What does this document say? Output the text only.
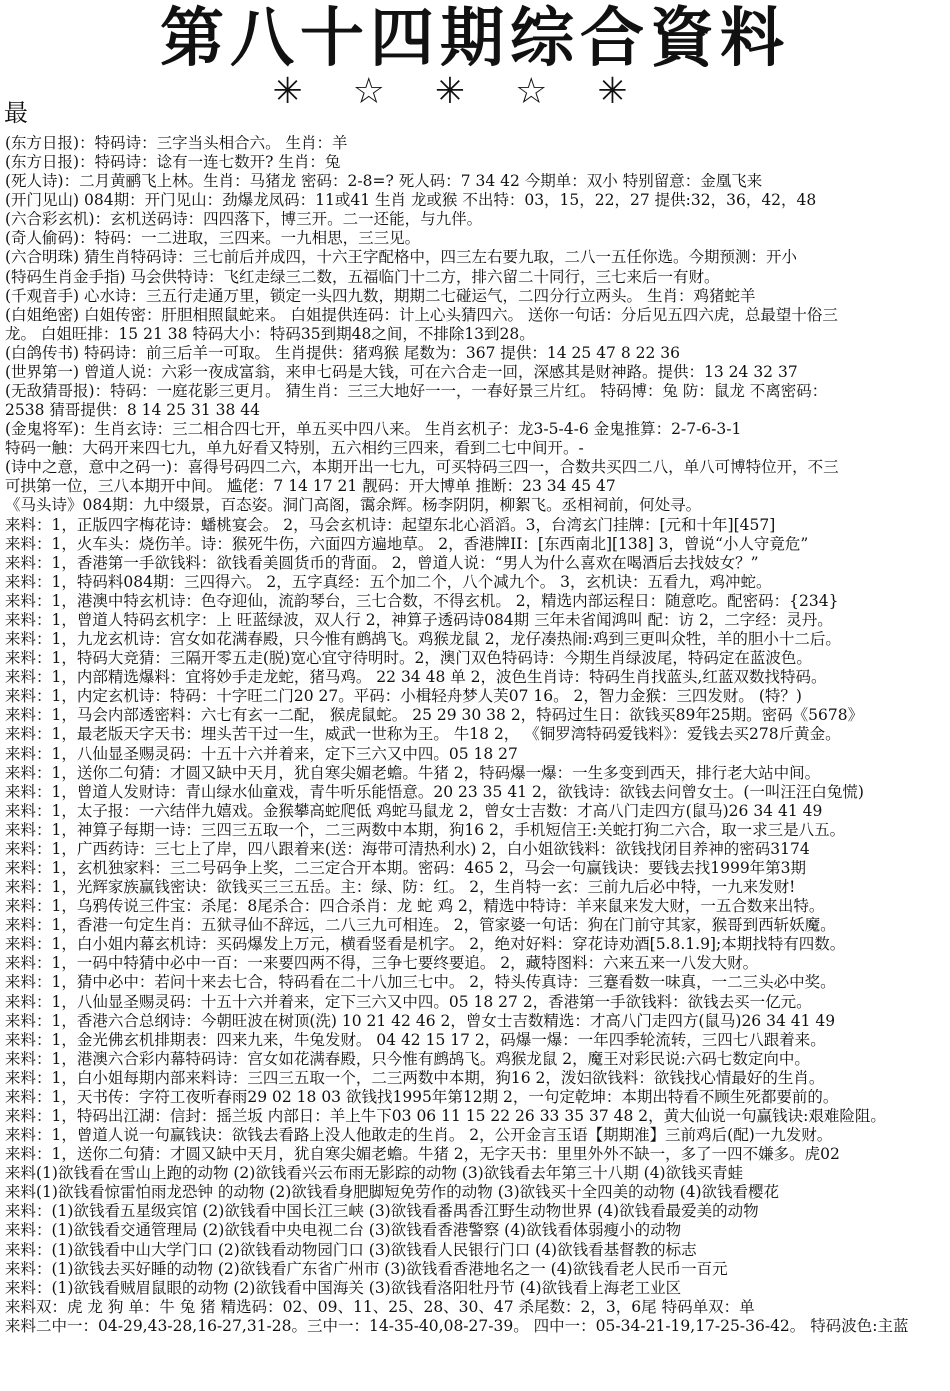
第八十四期综合資料
✳☆✳☆✳
最
(东方日报)：特码诗：三字当头相合六。 生肖：羊
(东方日报)：特码诗：谂有一连七数开? 生肖：兔
(死人诗)：二月黄鹂飞上林。生肖：马猪龙 密码：2-8=? 死人码：7 34 42 今期单：双小 特别留意：金凰飞来
(开门见山) 084期：开门见山：劲爆龙凤码：11或41 生肖 龙或猴 不出特：03，15，22，27 提供:32，36，42，48
(六合彩玄机)：玄机送码诗：四四落下，博三开。二一还能，与九伴。
(奇人偷码)：特码：一二进取，三四来。一九相思，三三见。
(六合明珠) 猜生肖特码诗：三七前后并成四，十六王字配格中，四三左右要九取，二八一五任你选。今期预测：开小
(特码生肖金手指) 马会供特诗：飞红走绿三二数，五福临门十二方，排六留二十同行，三七来后一有财。
(千观音手) 心水诗：三五行走通万里，锁定一头四九数，期期二七碰运气，二四分行立两头。 生肖：鸡猪蛇羊
(白姐绝密) 白姐传密：肝胆相照鼠蛇来。 白姐提供连码：计上心头猜四六。 送你一句话：分后见五四六虎，总最望十俗三
龙。 白姐旺排：15 21 38 特码大小：特码35到期48之间，不排除13到28。
(白鸽传书) 特码诗：前三后羊一可取。 生肖提供：猪鸡猴 尾数为：367 提供：14 25 47 8 22 36
(世界第一) 曾道人说：六彩一夜成富翁，来申七码是大钱，可在六合走一回，深感其是财神路。提供：13 24 32 37
(无敌猜哥报)：特码：一庭花影三更月。 猜生肖：三三大地好一一，一春好景三片红。 特码博：兔 防：鼠龙 不离密码：
2538 猜哥提供：8 14 25 31 38 44
(金鬼将军)：生肖玄诗：三二相合四七开，单五买中四八来。 生肖玄机子：龙3-5-4-6 金鬼推算：2-7-6-3-1
特码一触：大码开来四七九，单九好看又特别，五六相约三四来，看到二七中间开。-
(诗中之意，意中之码一)：喜得号码四二六，本期开出一七九，可买特码三四一，合数共买四二八，单八可博特位开，不三
可拱第一位，三八本期开中间。 尴佬：7 14 17 21 靓码：开大博单 推断：23 34 45 47
《马头诗》084期：九中缀景，百态姿。洞门高阁，霭余辉。杨李阴阴，柳絮飞。丞相祠前，何处寻。
来料：1，正版四字梅花诗：蟠桃宴会。 2，马会玄机诗：起望东北心滔滔。3，台湾玄门挂牌：[元和十年][457]
来料：1，火车头：烧伤羊。诗：猴死牛伤，六面四方遍地草。 2，香港牌II：[东西南北][138] 3，曾说“小人守竟危”
来料：1，香港第一手欲钱料：欲钱看美圆货币的背面。 2，曾道人说：“男人为什么喜欢在喝酒后去找妓女？”
来料：1，特码料084期：三四得六。 2，五字真经：五个加二个，八个减九个。 3，玄机诀：五看九，鸡冲蛇。
来料：1，港澳中特玄机诗：色夺迎仙，流韵琴台，三七合数，不得玄机。 2，精选内部运程日：随意吃。配密码：{234}
来料：1，曾道人特码玄机字：上 旺蓝绿波，双人行 2，神算子透码诗084期 三年未省闻鸿叫 配：访 2，二字经：灵丹。
来料：1，九龙玄机诗：宫女如花满春殿，只今惟有鹧鸪飞。鸡猴龙鼠 2，龙仔凑热闹:鸡到三更叫众牲，羊的胆小十二后。
来料：1，特码大竞猜：三隔开零五走(脱)宽心宜守待明时。2，澳门双色特码诗：今期生肖绿波尾，特码定在蓝波色。
来料：1，内部精选爆料：宜将妙手走龙蛇，猪马鸡。 22 34 48 单 2，波色生肖诗：特码生肖找蓝头,红蓝双数找特码。
来料：1，内定玄机诗：特码：十字旺二门20 27。平码：小楫轻舟梦人芙07 16。 2，智力金猴：三四发财。 (特？)
来料：1，马会内部透密料：六七有玄一二配， 猴虎鼠蛇。 25 29 30 38 2，特码过生日：欲钱买89年25期。密码《5678》
来料：1，最老版天字天书：埋头苦干过一生，威武一世称为王。 牛18 2， 《铜罗湾特码爱钱料》：爱钱去买278斤黄金。
来料：1，八仙显圣赐灵码：十五十六并着来，定下三六又中四。05 18 27
来料：1，送你二句猜：才圆又缺中天月，犹自寒尖媚老蟾。牛猪 2，特码爆一爆：一生多变到西天，排行老大站中间。
来料：1，曾道人发财诗：青山绿水仙童戏，青牛听乐能悟意。20 23 35 41 2，欲钱诗：欲钱去问曾女士。(一叫汪汪白兔慌)
来料：1，太子报：一六结伴九嬉戏。金猴攀高蛇爬低 鸡蛇马鼠龙 2，曾女士吉数：才高八门走四方(鼠马)26 34 41 49
来料：1，神算子每期一诗：三四三五取一个，二三两数中本期，狗16 2，手机短信王:关蛇打狗二六合，取一求三是八五。
来料：1，广西药诗：三七上了岸，四八跟着来(送：海带可清热利水) 2，白小姐欲钱料：欲钱找闭目养神的密码3174
来料：1，玄机独家料：三二号码争上奖，二三定合开本期。密码：465 2，马会一句赢钱诀：要钱去找1999年第3期
来料：1，光辉家族赢钱密诀：欲钱买三三五岳。主：绿、防：红。 2，生肖特一玄：三前九后必中特，一九来发财!
来料：1，乌鸦传说三件宝：杀尾：8尾杀合：四合杀肖：龙 蛇 鸡 2，精选中特诗：羊来鼠来发大财，一五合数来出特。
来料：1，香港一句定生肖：五狱寻仙不辞远，二八三九可相连。 2，管家婆一句话：狗在门前守其家，猴哥到西斩妖魔。
来料：1，白小姐内幕玄机诗：买码爆发上万元，横看竖看是机字。 2，绝对好料：穿花诗劝酒[5.8.1.9];本期找特有四数。
来料：1，一码中特猜中必中一百：一来要四两不得，三争七要终要追。 2，藏特图料：六来五来一八发大财。
来料：1，猜中必中：若问十来去七合，特码看在二十八加三七中。 2，特头传真诗：三蹇看数一味真，一二三头必中奖。
来料：1，八仙显圣赐灵码：十五十六并着来，定下三六又中四。05 18 27 2，香港第一手欲钱料：欲钱去买一亿元。
来料：1，香港六合总纲诗：今朝旺波在树顶(洗) 10 21 42 46 2，曾女士吉数精选：才高八门走四方(鼠马)26 34 41 49
来料：1，金光佛玄机排期表：四来九来，牛兔发财。 04 42 15 17 2，码爆一爆：一年四季轮流转，三四七八跟着来。
来料：1，港澳六合彩内幕特码诗：宫女如花满春殿，只今惟有鹧鸪飞。鸡猴龙鼠 2，魔王对彩民说:六码七数定向中。
来料：1，白小姐每期内部来料诗：三四三五取一个，二三两数中本期，狗16 2，泼妇欲钱料：欲钱找心情最好的生肖。
来料：1，天书传：字符工夜听春雨29 02 18 03 欲钱找1995年第12期 2，一句定乾坤：本期出特看不顾生死都要前的。
来料：1，特码出江湖：信封：摇兰坂 内部日：羊上牛下03 06 11 15 22 26 33 35 37 48 2，黄大仙说一句赢钱诀:艰难险阻。
来料：1，曾道人说一句赢钱诀：欲钱去看路上没人他敢走的生肖。 2，公开金言玉语【期期准】三前鸡后(配)一九发财。
来料：1，送你二句猜：才圆又缺中天月，犹自寒尖媚老蟾。牛猪 2，无字天书：里里外外不缺一，多了一四不嫌多。虎02
来料(1)欲钱看在雪山上跑的动物 (2)欲钱看兴云布雨无影踪的动物 (3)欲钱看去年第三十八期 (4)欲钱买青蛙
来料(1)欲钱看惊雷怕雨龙恐钟 的动物 (2)欲钱看身肥脚短免劳作的动物 (3)欲钱买十全四美的动物 (4)欲钱看樱花
来料：(1)欲钱看五星级宾馆 (2)欲钱看中国长江三峡 (3)欲钱看番禺香江野生动物世界 (4)欲钱看最爱美的动物
来料：(1)欲钱看交通管理局 (2)欲钱看中央电视二台 (3)欲钱看香港警察 (4)欲钱看体弱瘦小的动物
来料：(1)欲钱看中山大学门口 (2)欲钱看动物园门口 (3)欲钱看人民银行门口 (4)欲钱看基督教的标志
来料：(1)欲钱去买好睡的动物 (2)欲钱看广东省广州市 (3)欲钱看香港地名之一 (4)欲钱看老人民币一百元
来料：(1)欲钱看贼眉鼠眼的动物 (2)欲钱看中国海关 (3)欲钱看洛阳牡丹节 (4)欲钱看上海老工业区
来料双：虎 龙 狗 单：牛 兔 猪 精选码：02、09、11、25、28、30、47 杀尾数：2，3，6尾 特码单双：单
来料二中一：04-29,43-28,16-27,31-28。三中一：14-35-40,08-27-39。 四中一：05-34-21-19,17-25-36-42。 特码波色:主蓝
